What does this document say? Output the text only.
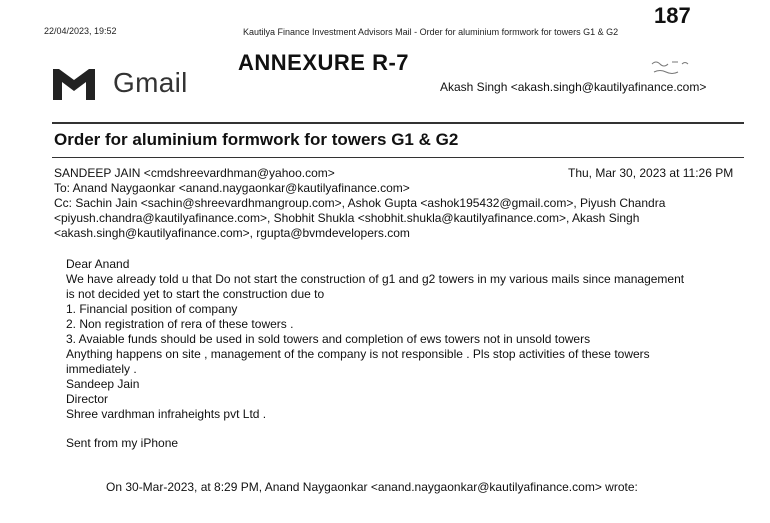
22/04/2023, 19:52	Kautilya Finance Investment Advisors Mail - Order for aluminium formwork for towers G1 & G2
187
ANNEXURE R-7
Gmail	Akash Singh <akash.singh@kautilyafinance.com>
Order for aluminium formwork for towers G1 & G2
SANDEEP JAIN <cmdshreevardhman@yahoo.com>	Thu, Mar 30, 2023 at 11:26 PM
To: Anand Naygaonkar <anand.naygaonkar@kautilyafinance.com>
Cc: Sachin Jain <sachin@shreevardhmangroup.com>, Ashok Gupta <ashok195432@gmail.com>, Piyush Chandra
<piyush.chandra@kautilyafinance.com>, Shobhit Shukla <shobhit.shukla@kautilyafinance.com>, Akash Singh
<akash.singh@kautilyafinance.com>, rgupta@bvmdevelopers.com
Dear Anand
We have already told u that Do not start the construction of g1 and g2 towers in my various mails since management
is not decided yet to start the construction due to
1. Financial position of company
2. Non registration of rera of these towers .
3. Avaiable funds should be used in sold towers and completion of ews towers not in unsold towers
Anything happens on site , management of the company is not responsible . Pls stop activities of these towers
immediately .
Sandeep Jain
Director
Shree vardhman infraheights pvt Ltd .
Sent from my iPhone
On 30-Mar-2023, at 8:29 PM, Anand Naygaonkar <anand.naygaonkar@kautilyafinance.com> wrote:
